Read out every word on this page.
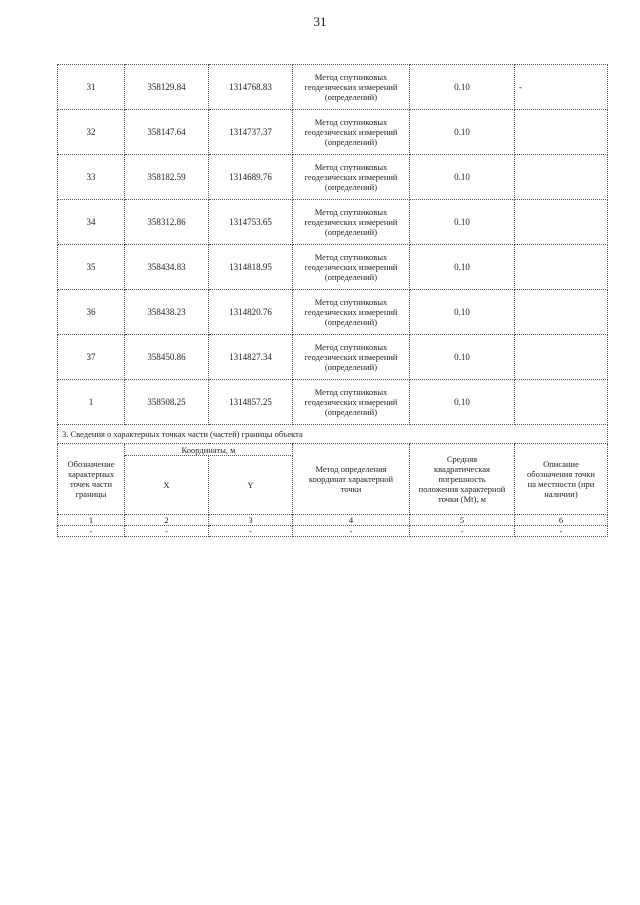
31
31	358129.84	1314768.83	Метод спутниковых
геодезических измерений
(определений)	0.10	-
32	358147.64	1314737.37	Метод спутниковых
геодезических измерений
(определений)	0.10	
33	358182.59	1314689.76	Метод спутниковых
геодезических измерений
(определений)	0.10	
34	358312.86	1314753.65	Метод спутниковых
геодезических измерений
(определений)	0.10	
35	358434.83	1314818.95	Метод спутниковых
геодезических измерений
(определений)	0.10	
36	358438.23	1314820.76	Метод спутниковых
геодезических измерений
(определений)	0.10	
37	358450.86	1314827.34	Метод спутниковых
геодезических измерений
(определений)	0.10	
1	358508.25	1314857.25	Метод спутниковых
геодезических измерений
(определений)	0.10	
3. Сведения о характерных точках части (частей) границы объекта					
Обозначение
характерных
точек части
границы	Координаты, м		Метод определения
координат характерной
точки	Средняя
квадратическая
погрешность
положения характерной
точки (Mt), м	Описание
обозначения точки
на местности (при
наличии)
	X	Y			
1	2	3	4	5	6
-	-	-	-	-	-
